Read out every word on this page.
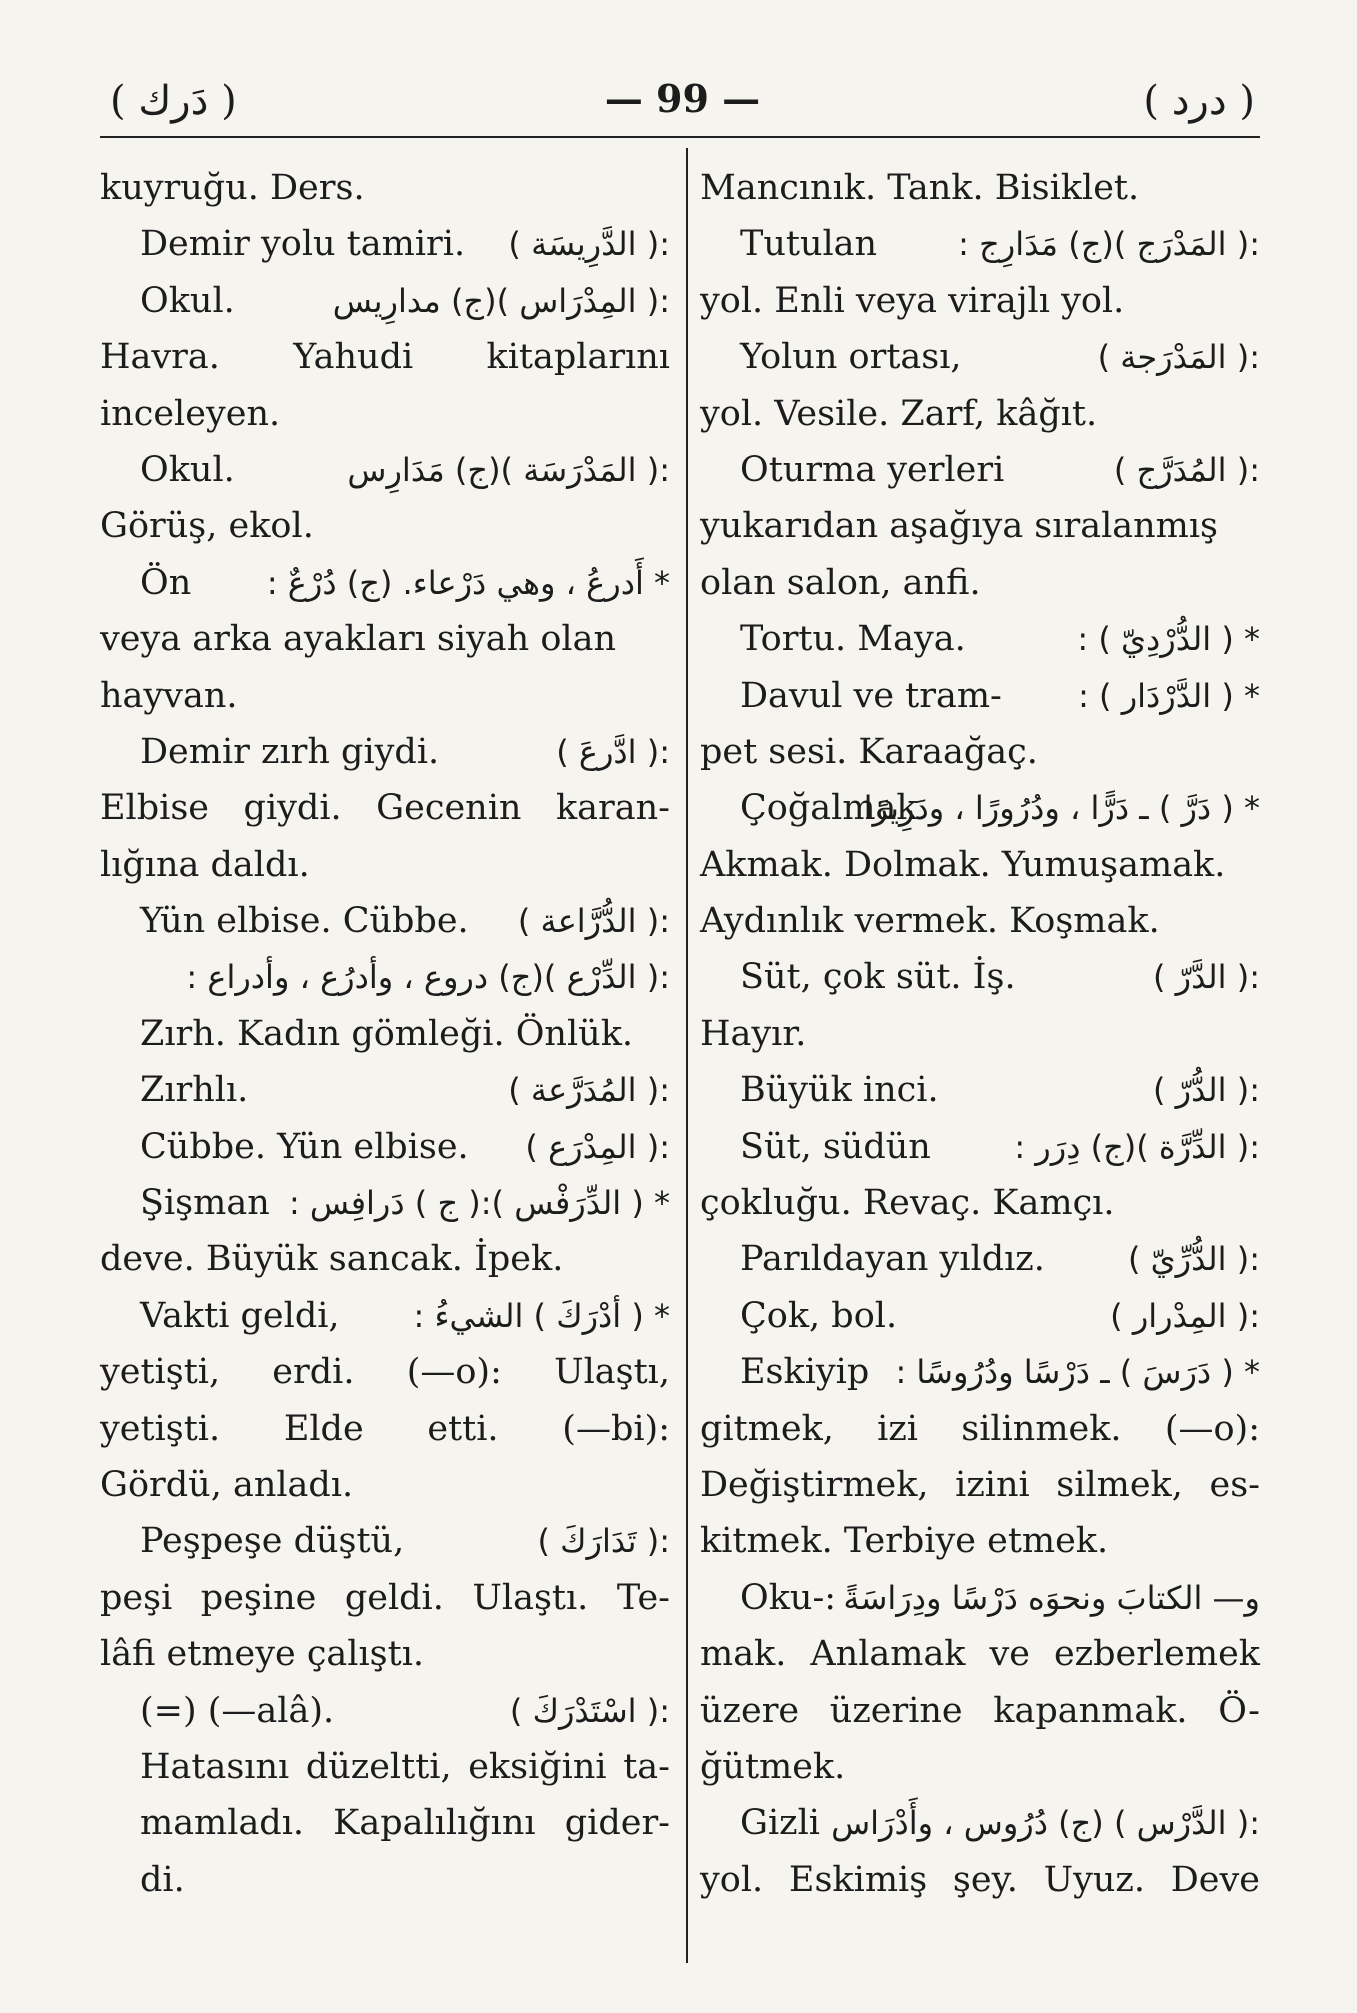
( دَرك )	— 99 —	( درد )
kuyruğu. Ders.
Demir yolu tamiri. :( الدَّرِيسَة )
Okul.	:( المِدْرَاس )(ج) مدارِيس
Havra. Yahudi kitaplarını
inceleyen.
Okul.	:( المَدْرَسَة )(ج) مَدَارِس
Görüş, ekol.
Ön * أَدرعُ ، وهي دَرْعاء. (ج) دُرْعٌ :
veya arka ayakları siyah olan
hayvan.
Demir zırh giydi.	:( ادَّرعَ )
Elbise giydi. Gecenin karan-
lığına daldı.
Yün elbise. Cübbe. :( الدُّرَّاعة )
:( الدِّرْع )(ج) دروع ، وأدرُع ، وأدراع :
Zırh. Kadın gömleği. Önlük.
Zırhlı.	:( المُدَرَّعة )
Cübbe. Yün elbise. :( المِدْرَع )
Şişman * ( الدِّرَفْس ):( ج ) دَرافِس :
deve. Büyük sancak. İpek.
Vakti geldi, * ( أدْرَكَ ) الشيءُ :
yetişti, erdi. (—o): Ulaştı,
yetişti. Elde etti. (—bi):
Gördü, anladı.
Peşpeşe düştü,	:( تَدَارَكَ )
peşi peşine geldi. Ulaştı. Te-
lâfi etmeye çalıştı.
(=) (—alâ).	:( اسْتَدْرَكَ )
Hatasını düzeltti, eksiğini ta-
mamladı. Kapalılığını gider-
di.
Mancınık. Tank. Bisiklet.
Tutulan	:( المَدْرَج )(ج) مَدَارِج :
yol. Enli veya virajlı yol.
Yolun ortası,	:( المَدْرَجة )
yol. Vesile. Zarf, kâğıt.
Oturma yerleri	:( المُدَرَّج )
yukarıdan aşağıya sıralanmış
olan salon, anfi.
Tortu. Maya.	* ( الدُّرْدِيّ ) :
Davul ve tram- * ( الدَّرْدَار ) :
pet sesi. Karaağaç.
Çoğalmak
* ( دَرَّ ) ـ دَرًّا ، ودُرُورًا ، ودَرِيرًا
Akmak. Dolmak. Yumuşamak.
Aydınlık vermek. Koşmak.
Süt, çok süt. İş.	:( الدَّرّ )
Hayır.
Büyük inci.	:( الدُّرّ )
Süt, südün	:( الدِّرَّة )(ج) دِرَر :
çokluğu. Revaç. Kamçı.
Parıldayan yıldız.	:( الدُّرِّيّ )
Çok, bol.	:( المِدْرار )
Eskiyip * ( دَرَسَ ) ـ دَرْسًا ودُرُوسًا :
gitmek, izi silinmek. (—o):
Değiştirmek, izini silmek, es-
kitmek. Terbiye etmek.
Oku-: و— الكتابَ ونحوَه دَرْسًا ودِرَاسَةً
mak. Anlamak ve ezberlemek
üzere üzerine kapanmak. Ö-
ğütmek.
Gizli :( الدَّرْس ) (ج) دُرُوس ، وأَدْرَاس
yol. Eskimiş şey. Uyuz. Deve
